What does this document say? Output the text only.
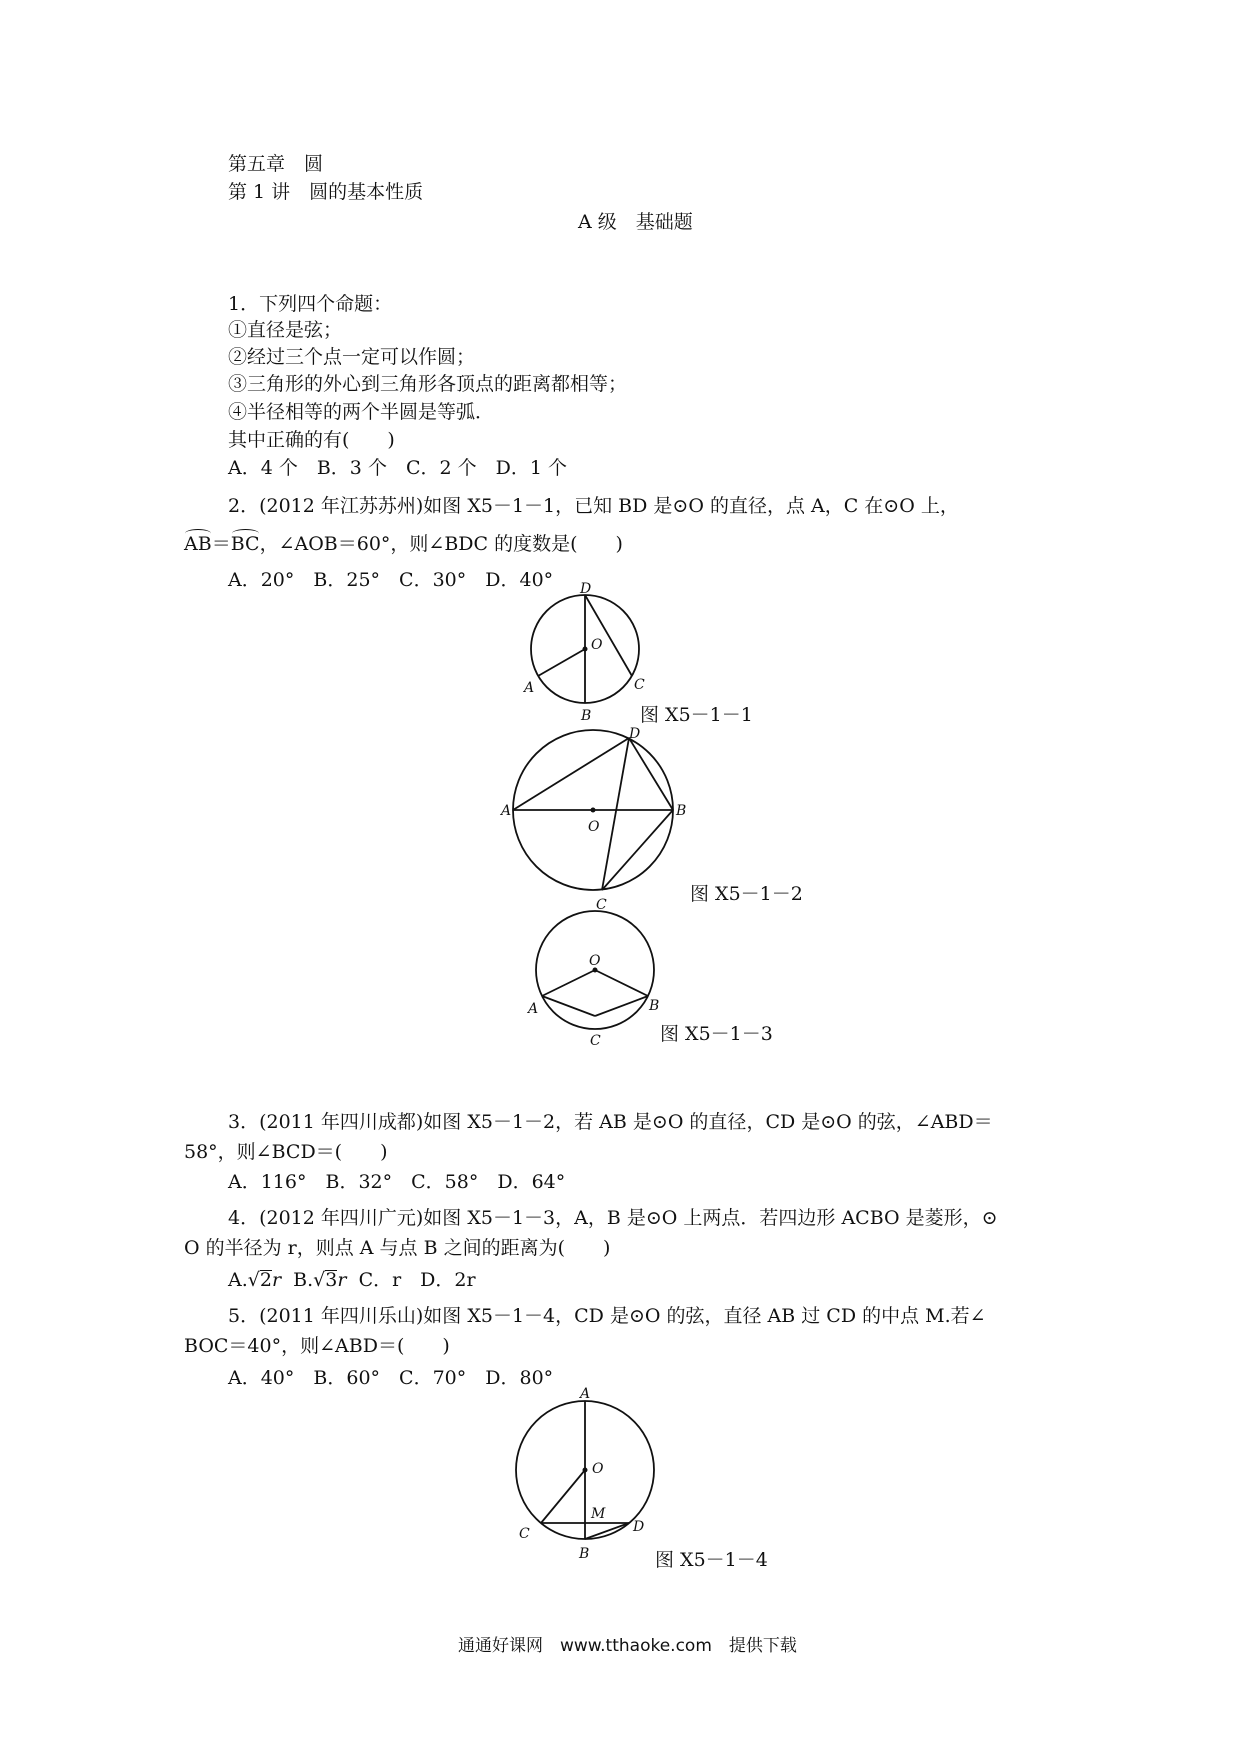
第五章　圆
第 1 讲　圆的基本性质
A 级　基础题
1．下列四个命题：
①直径是弦；
②经过三个点一定可以作圆；
③三角形的外心到三角形各顶点的距离都相等；
④半径相等的两个半圆是等弧．
其中正确的有(　　)
A．4 个　B．3 个　C．2 个　D．1 个
2．(2012 年江苏苏州)如图 X5－1－1，已知 BD 是⊙O 的直径，点 A，C 在⊙O 上，
AB＝BC，∠AOB＝60°，则∠BDC 的度数是(　　)
A．20°　B．25°　C．30°　D．40° D
O
A
B
C
图 X5－1－1
D
O
A	B
C	图 X5－1－2
O
A	B
C	图 X5－1－3
3．(2011 年四川成都)如图 X5－1－2，若 AB 是⊙O 的直径，CD 是⊙O 的弦，∠ABD＝
58°，则∠BCD＝(　　)
A．116°　B．32°　C．58°　D．64°
4．(2012 年四川广元)如图 X5－1－3，A，B 是⊙O 上两点．若四边形 ACBO 是菱形，⊙
O 的半径为 r，则点 A 与点 B 之间的距离为(　　)
A.√2r B.√3r C．r　D．2r
5．(2011 年四川乐山)如图 X5－1－4，CD 是⊙O 的弦，直径 AB 过 CD 的中点 M.若∠
BOC＝40°，则∠ABD＝(　　)
A．40°　B．60°　C．70°　D．80°
A
O
M
C	D
B	图 X5－1－4
通通好课网　www.tthaoke.com　提供下载
